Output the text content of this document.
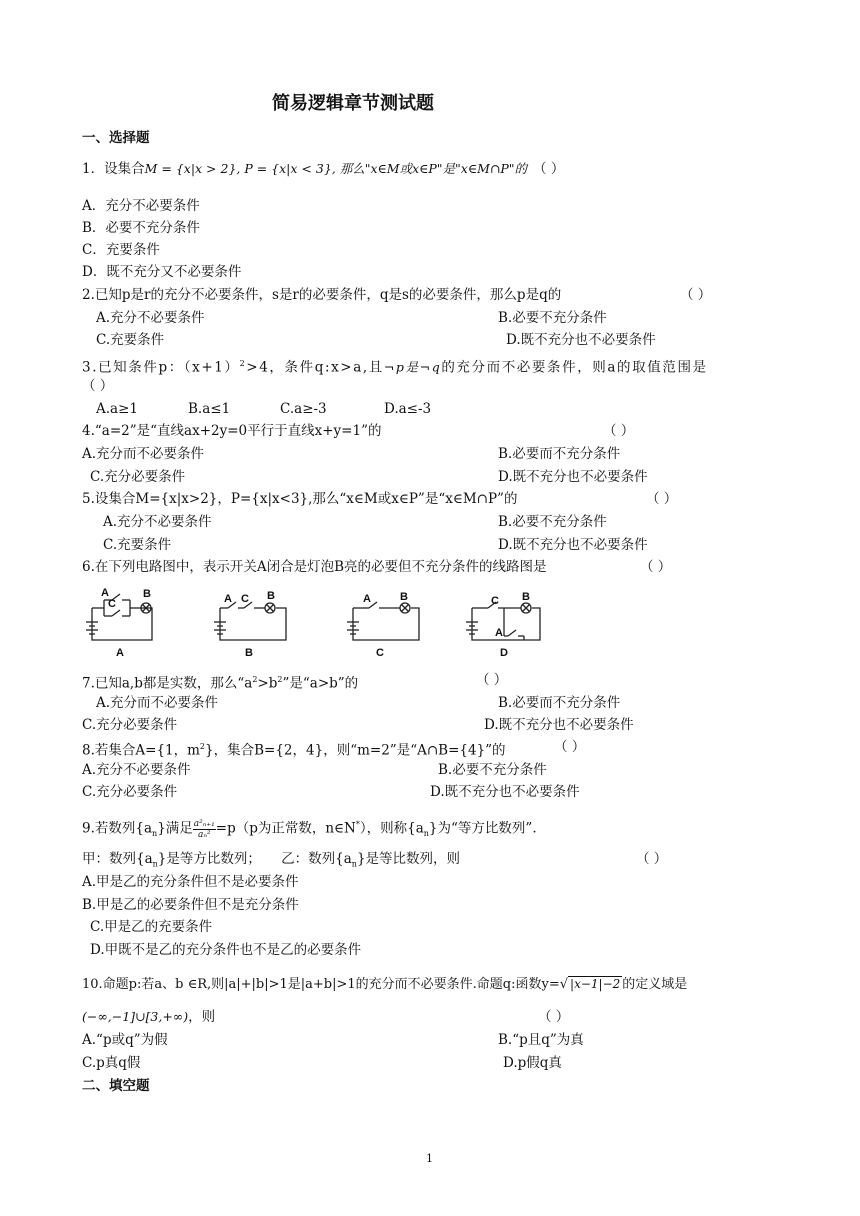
简易逻辑章节测试题
一、选择题
1．设集合M = {x|x > 2}, P = {x|x < 3}, 那么"x∈M或x∈P"是"x∈M∩P"的 （ ）
A．充分不必要条件
B．必要不充分条件
C．充要条件
D．既不充分又不必要条件
2.已知p是r的充分不必要条件，s是r的必要条件，q是s的必要条件，那么p是q的	（ ）
A.充分不必要条件	B.必要不充分条件
C.充要条件	D.既不充分也不必要条件
3.已知条件p：$(x+1)^2>4$，条件q:x>a,且¬p是¬q的充分而不必要条件，则a的取值范围是
（ ）
A.a≥1	B.a≤1	C.a≥-3	D.a≤-3
4.“a=2”是“直线ax+2y=0平行于直线x+y=1”的	（ ）
A.充分而不必要条件	B.必要而不充分条件
C.充分必要条件	D.既不充分也不必要条件
5.设集合M={x|x>2}，P={x|x<3},那么“x∈M或x∈P”是“x∈M∩P”的	（ ）
A.充分不必要条件	B.必要不充分条件
C.充要条件	D.既不充分也不必要条件
6.在下列电路图中，表示开关A闭合是灯泡B亮的必要但不充分条件的线路图是	（ ）
A
C
B
A
A C B
B
A	B
C
C B
A
D
7.已知a,b都是实数，那么“$a^2>b^2$”是“a>b”的	（ ）
A.充分而不必要条件	B.必要而不充分条件
C.充分必要条件	D.既不充分也不必要条件
8.若集合A={1，$m^2$}，集合B={2，4}，则“m=2”是“A∩B={4}”的	（ ）
A.充分不必要条件	B.必要不充分条件
C.充分必要条件	D.既不充分也不必要条件
9.若数列$\{a_n\}$满足 $\frac{\text{a²ₙ₊₁}}{\text{aₙ²}} =p(p$为正常数，n∈N*），则称$\{a_n\}$为“等方比数列”.
甲：数列$\{a_n\}$是等方比数列；　　乙：数列$\{a_n\}$是等比数列，则	（ ）
A.甲是乙的充分条件但不是必要条件
B.甲是乙的必要条件但不是充分条件
C.甲是乙的充要条件
D.甲既不是乙的充分条件也不是乙的必要条件
10.命题p:若a、b ∈R,则|a|+|b|>1是|a+b|>1的充分而不必要条件.命题q:函数y=√ |x−1|−2 的定义域是
(−∞,−1]∪[3,+∞)，则	（ ）
A.“p或q”为假	B.“p且q”为真
C.p真q假	D.p假q真
二、填空题
1
